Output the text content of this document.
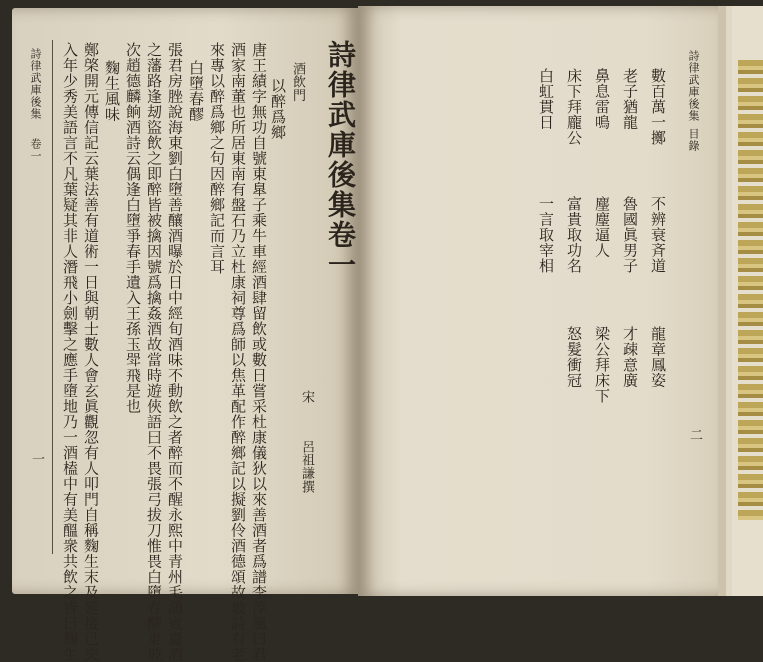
詩律武庫後集
目錄
二
數百萬一擲
老子猶龍
鼻息雷鳴
床下拜龐公
白虹貫日
不辨衰斉道
魯國眞男子
麈麈逼人
富貴取功名
一言取宰相
龍章鳳姿
才疎意廣
梁公拜床下
怒髮衝冠
詩律武庫後集卷一
宋
呂祖謙撰
酒飲門
以醉爲鄉
唐王績字無功自號東臯子乘牛車經酒肆留飲或數日嘗采杜康儀狄以來善酒者爲譜李淳風曰君
酒家南董也所居東南有盤石乃立杜康祠尊爲師以焦革配作醉鄉記以擬劉伶酒德頌故坡詩有老
來專以醉爲鄉之句因醉鄉記而言耳
白墮春醪
張君房脞說海東劉白墮善釀酒曝於日中經旬酒味不動飲之者醉而不醒永熙中青州毛鴻賓齎酒
之藩路逢刼盜飲之即醉皆被擒因號爲擒姦酒故當時遊俠語曰不畏張弓拔刀惟畏白墮春醪東坡
次趙德麟餉酒詩云偶逢白墮爭春手遺入王孫玉斝飛是也
麴生風味
鄭棨開元傳信記云葉法善有道術一日與朝士數人會玄眞觀忽有人叩門自稱麴生末及延接已突
入年少秀美語言不凡葉疑其非人潛飛小劍擊之應手墮地乃一酒榼中有美醞衆共飲之皆曰麴生
詩律武庫後集
卷一
一
